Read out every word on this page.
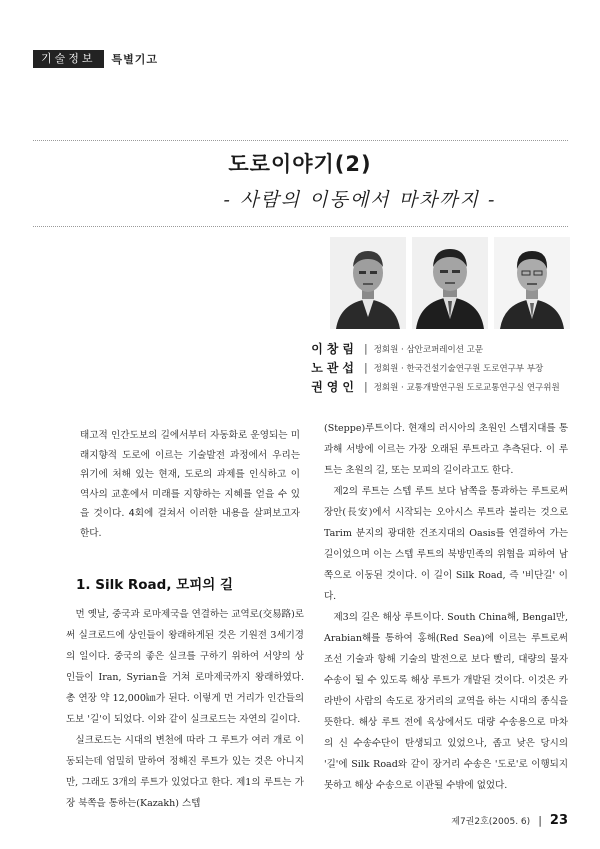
기술정보	특별기고
도로이야기(2)
- 사람의 이동에서 마차까지 -
이창림 | 정회원 · 삼안코퍼레이션 고문
노관섭 | 정회원 · 한국건설기술연구원 도로연구부 부장
권영인 | 정회원 · 교통개발연구원 도로교통연구실 연구위원
태고적 인간도보의 길에서부터 자동화로 운영되는 미래지향적 도로에 이르는 기술발전 과정에서 우리는 위기에 처해 있는 현재, 도로의 과제를 인식하고 이 역사의 교훈에서 미래를 지향하는 지혜를 얻을 수 있을 것이다. 4회에 걸쳐서 이러한 내용을 살펴보고자 한다.
1. Silk Road, 모피의 길

먼 옛날, 중국과 로마제국을 연결하는 교역로(交易路)로써 실크로드에 상인들이 왕래하게된 것은 기원전 3세기경의 일이다. 중국의 좋은 실크를 구하기 위하여 서양의 상인들이 Iran, Syrian을 거쳐 로마제국까지 왕래하였다. 총 연장 약 12,000㎞가 된다. 이렇게 먼 거리가 인간들의 도보 '길'이 되었다. 이와 같이 실크로드는 자연의 길이다.

실크로드는 시대의 변천에 따라 그 루트가 여러 개로 이동되는데 엄밀히 말하여 정해진 루트가 있는 것은 아니지만, 그래도 3개의 루트가 있었다고 한다. 제1의 루트는 가장 북쪽을 통하는(Kazakh) 스텝

(Steppe)루트이다. 현재의 러시아의 초원인 스텝지대를 통과해 서방에 이르는 가장 오래된 루트라고 추측된다. 이 루트는 초원의 길, 또는 모피의 길이라고도 한다.

제2의 루트는 스텝 루트 보다 남쪽을 통과하는 루트로써 장안(長安)에서 시작되는 오아시스 루트라 불리는 것으로 Tarim 분지의 광대한 건조지대의 Oasis를 연결하여 가는 길이었으며 이는 스텝 루트의 북방민족의 위협을 피하여 남쪽으로 이동된 것이다. 이 길이 Silk Road, 즉 '비단길' 이다.

제3의 길은 해상 루트이다. South China해, Bengal만, Arabian해를 통하여 홍해(Red Sea)에 이르는 루트로써 조선 기술과 항해 기술의 발전으로 보다 빨리, 대량의 물자 수송이 될 수 있도록 해상 루트가 개발된 것이다. 이것은 카라반이 사람의 속도로 장거리의 교역을 하는 시대의 종식을 뜻한다. 해상 루트 전에 육상에서도 대량 수송용으로 마차의 신 수송수단이 탄생되고 있었으나, 좁고 낮은 당시의 '길'에 Silk Road와 같이 장거리 수송은 '도로'로 이행되지 못하고 해상 수송으로 이관될 수밖에 없었다.

제7권2호(2005. 6) | 23
